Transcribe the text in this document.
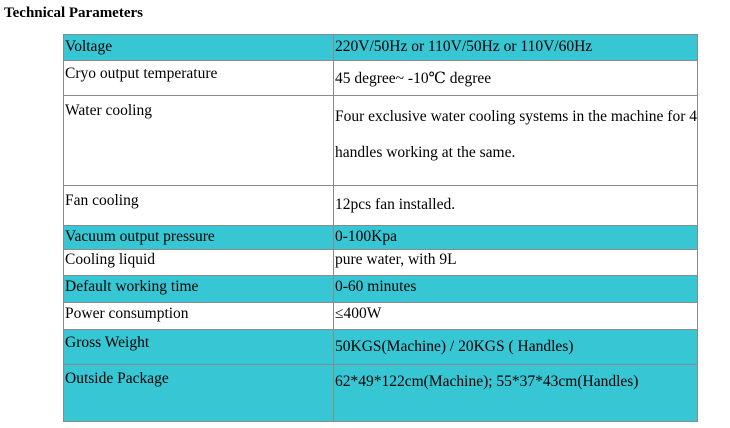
Technical Parameters
Voltage	220V/50Hz or 110V/50Hz or 110V/60Hz
Cryo output temperature	45 degree~ -10℃ degree
Water cooling	Four exclusive water cooling systems in the machine for 4 handles working at the same.
Fan cooling	12pcs fan installed.
Vacuum output pressure	0-100Kpa
Cooling liquid	pure water, with 9L
Default working time	0-60 minutes
Power consumption	≤400W
Gross Weight	50KGS(Machine) / 20KGS ( Handles)
Outside Package	62*49*122cm(Machine); 55*37*43cm(Handles)
